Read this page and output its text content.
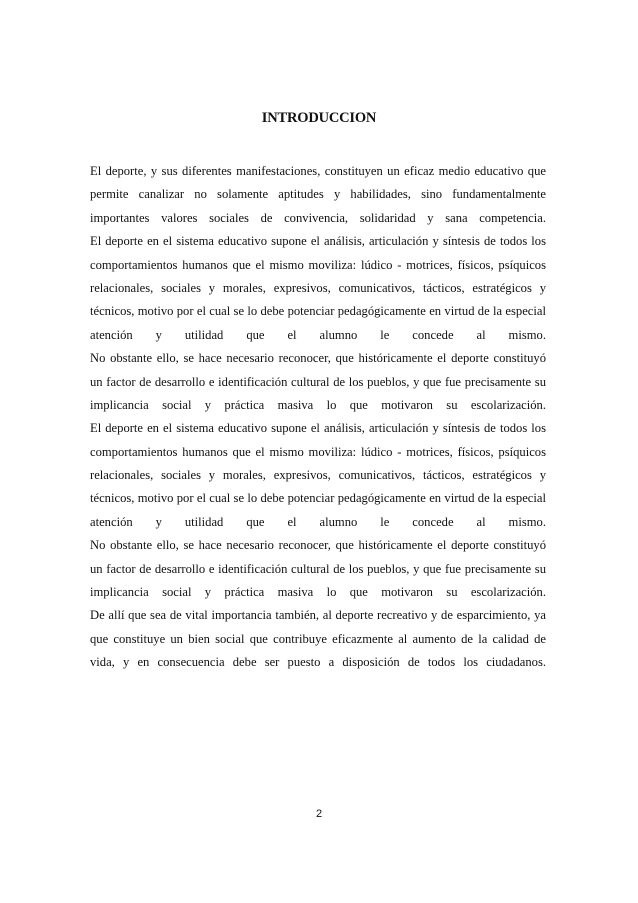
INTRODUCCION
El deporte, y sus diferentes manifestaciones, constituyen un eficaz medio educativo que
permite canalizar no solamente aptitudes y habilidades, sino fundamentalmente
importantes valores sociales de convivencia, solidaridad y sana competencia.
El deporte en el sistema educativo supone el análisis, articulación y síntesis de todos los
comportamientos humanos que el mismo moviliza: lúdico - motrices, físicos, psíquicos
relacionales, sociales y morales, expresivos, comunicativos, tácticos, estratégicos y
técnicos, motivo por el cual se lo debe potenciar pedagógicamente en virtud de la especial
atención y utilidad que el alumno le concede al mismo.
No obstante ello, se hace necesario reconocer, que históricamente el deporte constituyó
un factor de desarrollo e identificación cultural de los pueblos, y que fue precisamente su
implicancia social y práctica masiva lo que motivaron su escolarización.
El deporte en el sistema educativo supone el análisis, articulación y síntesis de todos los
comportamientos humanos que el mismo moviliza: lúdico - motrices, físicos, psíquicos
relacionales, sociales y morales, expresivos, comunicativos, tácticos, estratégicos y
técnicos, motivo por el cual se lo debe potenciar pedagógicamente en virtud de la especial
atención y utilidad que el alumno le concede al mismo.
No obstante ello, se hace necesario reconocer, que históricamente el deporte constituyó
un factor de desarrollo e identificación cultural de los pueblos, y que fue precisamente su
implicancia social y práctica masiva lo que motivaron su escolarización.
De allí que sea de vital importancia también, al deporte recreativo y de esparcimiento, ya
que constituye un bien social que contribuye eficazmente al aumento de la calidad de
vida, y en consecuencia debe ser puesto a disposición de todos los ciudadanos.

2
